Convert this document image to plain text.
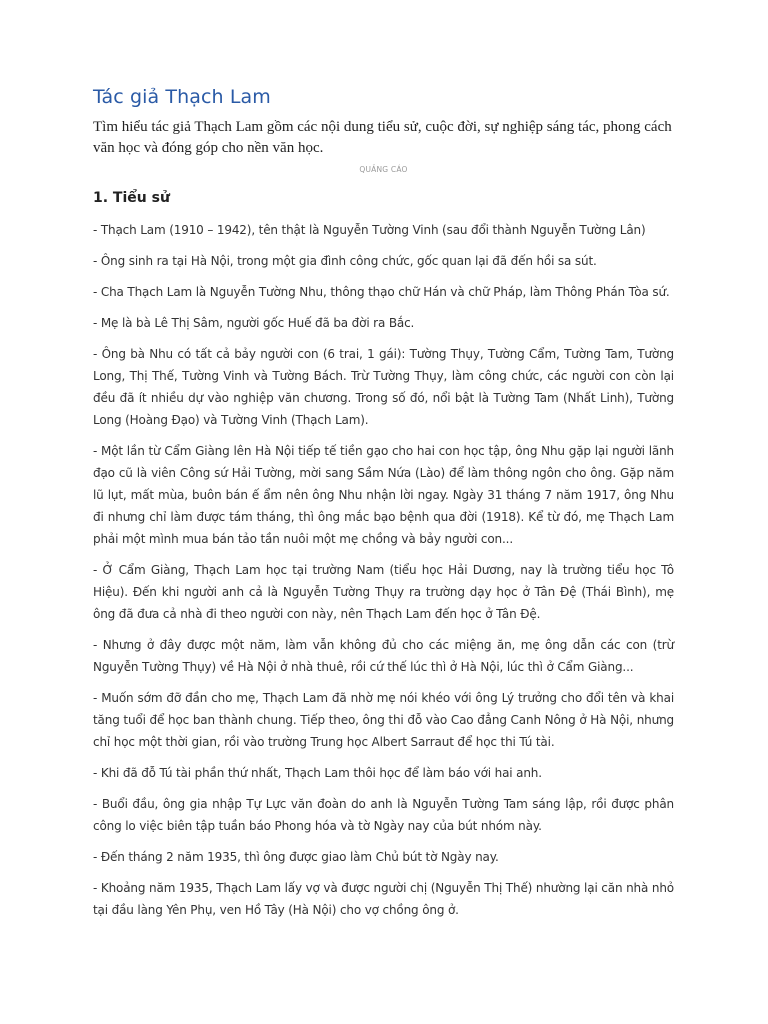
Tác giả Thạch Lam

Tìm hiểu tác giả Thạch Lam gồm các nội dung tiểu sử, cuộc đời, sự nghiệp sáng tác, phong cách văn học và đóng góp cho nền văn học.

QUẢNG CÁO
1. Tiểu sử

- Thạch Lam (1910 – 1942), tên thật là Nguyễn Tường Vinh (sau đổi thành Nguyễn Tường Lân)

- Ông sinh ra tại Hà Nội, trong một gia đình công chức, gốc quan lại đã đến hồi sa sút.

- Cha Thạch Lam là Nguyễn Tường Nhu, thông thạo chữ Hán và chữ Pháp, làm Thông Phán Tòa sứ.

- Mẹ là bà Lê Thị Sâm, người gốc Huế đã ba đời ra Bắc.

- Ông bà Nhu có tất cả bảy người con (6 trai, 1 gái): Tường Thụy, Tường Cẩm, Tường Tam, Tường Long, Thị Thế, Tường Vinh và Tường Bách. Trừ Tường Thụy, làm công chức, các người con còn lại đều đã ít nhiều dự vào nghiệp văn chương. Trong số đó, nổi bật là Tường Tam (Nhất Linh), Tường Long (Hoàng Đạo) và Tường Vinh (Thạch Lam).

- Một lần từ Cẩm Giàng lên Hà Nội tiếp tế tiền gạo cho hai con học tập, ông Nhu gặp lại người lãnh đạo cũ là viên Công sứ Hải Tường, mời sang Sầm Nứa (Lào) để làm thông ngôn cho ông. Gặp năm lũ lụt, mất mùa, buôn bán ế ẩm nên ông Nhu nhận lời ngay. Ngày 31 tháng 7 năm 1917, ông Nhu đi nhưng chỉ làm được tám tháng, thì ông mắc bạo bệnh qua đời (1918). Kể từ đó, mẹ Thạch Lam phải một mình mua bán tảo tần nuôi một mẹ chồng và bảy người con...

- Ở Cẩm Giàng, Thạch Lam học tại trường Nam (tiểu học Hải Dương, nay là trường tiểu học Tô Hiệu). Đến khi người anh cả là Nguyễn Tường Thụy ra trường dạy học ở Tân Đệ (Thái Bình), mẹ ông đã đưa cả nhà đi theo người con này, nên Thạch Lam đến học ở Tân Đệ.

- Nhưng ở đây được một năm, làm vẫn không đủ cho các miệng ăn, mẹ ông dẫn các con (trừ Nguyễn Tường Thụy) về Hà Nội ở nhà thuê, rồi cứ thế lúc thì ở Hà Nội, lúc thì ở Cẩm Giàng...

- Muốn sớm đỡ đần cho mẹ, Thạch Lam đã nhờ mẹ nói khéo với ông Lý trưởng cho đổi tên và khai tăng tuổi để học ban thành chung. Tiếp theo, ông thi đỗ vào Cao đẳng Canh Nông ở Hà Nội, nhưng chỉ học một thời gian, rồi vào trường Trung học Albert Sarraut để học thi Tú tài.

- Khi đã đỗ Tú tài phần thứ nhất, Thạch Lam thôi học để làm báo với hai anh.

- Buổi đầu, ông gia nhập Tự Lực văn đoàn do anh là Nguyễn Tường Tam sáng lập, rồi được phân công lo việc biên tập tuần báo Phong hóa và tờ Ngày nay của bút nhóm này.

- Đến tháng 2 năm 1935, thì ông được giao làm Chủ bút tờ Ngày nay.

- Khoảng năm 1935, Thạch Lam lấy vợ và được người chị (Nguyễn Thị Thế) nhường lại căn nhà nhỏ tại đầu làng Yên Phụ, ven Hồ Tây (Hà Nội) cho vợ chồng ông ở.
